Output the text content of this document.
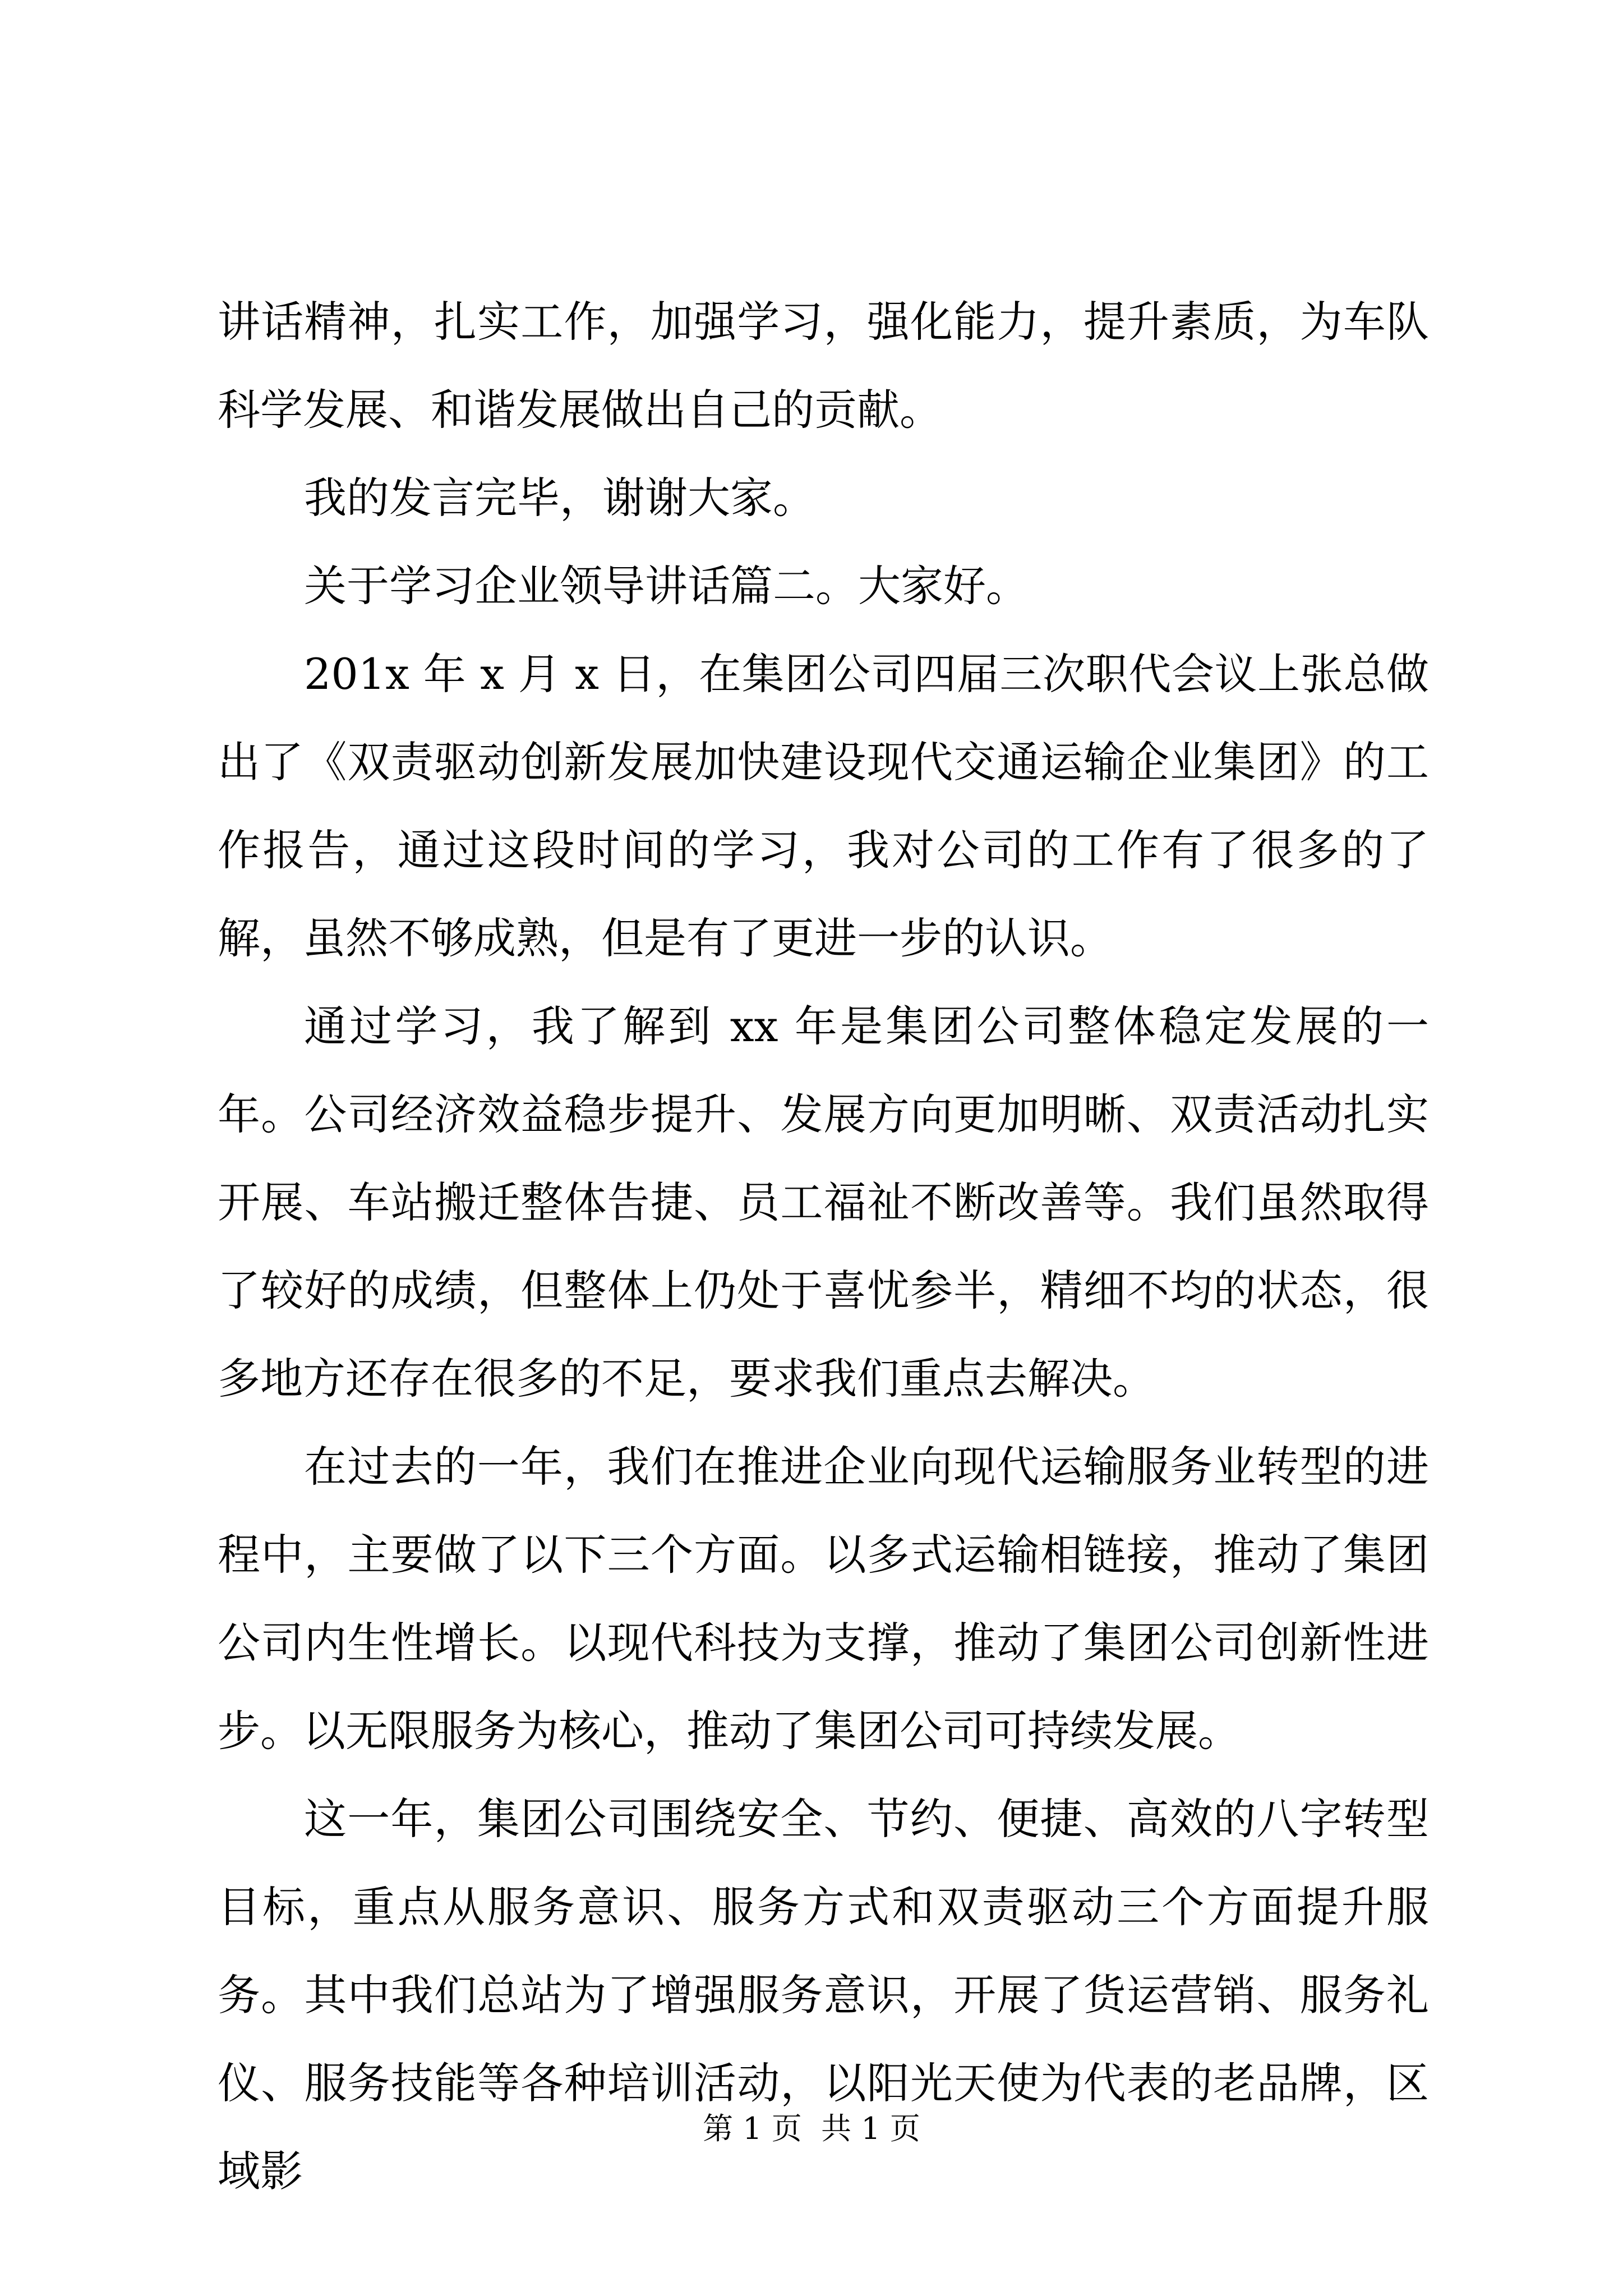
讲话精神，扎实工作，加强学习，强化能力，提升素质，为车队科学发展、和谐发展做出自己的贡献。

我的发言完毕，谢谢大家。

关于学习企业领导讲话篇二。大家好。

201x 年 x 月 x 日，在集团公司四届三次职代会议上张总做出了《双责驱动创新发展加快建设现代交通运输企业集团》的工作报告，通过这段时间的学习，我对公司的工作有了很多的了解，虽然不够成熟，但是有了更进一步的认识。

通过学习，我了解到 xx 年是集团公司整体稳定发展的一年。公司经济效益稳步提升、发展方向更加明晰、双责活动扎实开展、车站搬迁整体告捷、员工福祉不断改善等。我们虽然取得了较好的成绩，但整体上仍处于喜忧参半，精细不均的状态，很多地方还存在很多的不足，要求我们重点去解决。

在过去的一年，我们在推进企业向现代运输服务业转型的进程中，主要做了以下三个方面。以多式运输相链接，推动了集团公司内生性增长。以现代科技为支撑，推动了集团公司创新性进步。以无限服务为核心，推动了集团公司可持续发展。

这一年，集团公司围绕安全、节约、便捷、高效的八字转型目标，重点从服务意识、服务方式和双责驱动三个方面提升服务。其中我们总站为了增强服务意识，开展了货运营销、服务礼仪、服务技能等各种培训活动，以阳光天使为代表的老品牌，区域影

第 1 页  共 1 页
